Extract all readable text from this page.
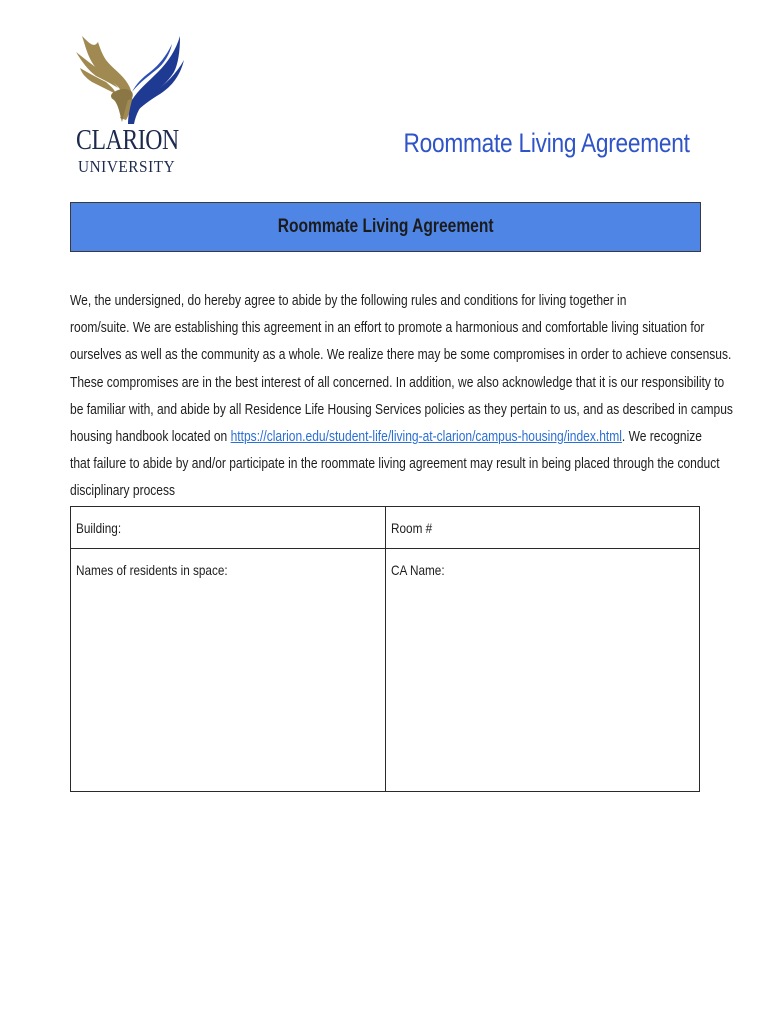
CLARION
UNIVERSITY
Roommate Living Agreement
Roommate Living Agreement
We, the undersigned, do hereby agree to abide by the following rules and conditions for living together in
room/suite. We are establishing this agreement in an effort to promote a harmonious and comfortable living situation for
ourselves as well as the community as a whole. We realize there may be some compromises in order to achieve consensus.
These compromises are in the best interest of all concerned. In addition, we also acknowledge that it is our responsibility to
be familiar with, and abide by all Residence Life Housing Services policies as they pertain to us, and as described in campus
housing handbook located on https://clarion.edu/student-life/living-at-clarion/campus-housing/index.html. We recognize
that failure to abide by and/or participate in the roommate living agreement may result in being placed through the conduct
disciplinary process
Building:	Room #
Names of residents in space:	CA Name:
